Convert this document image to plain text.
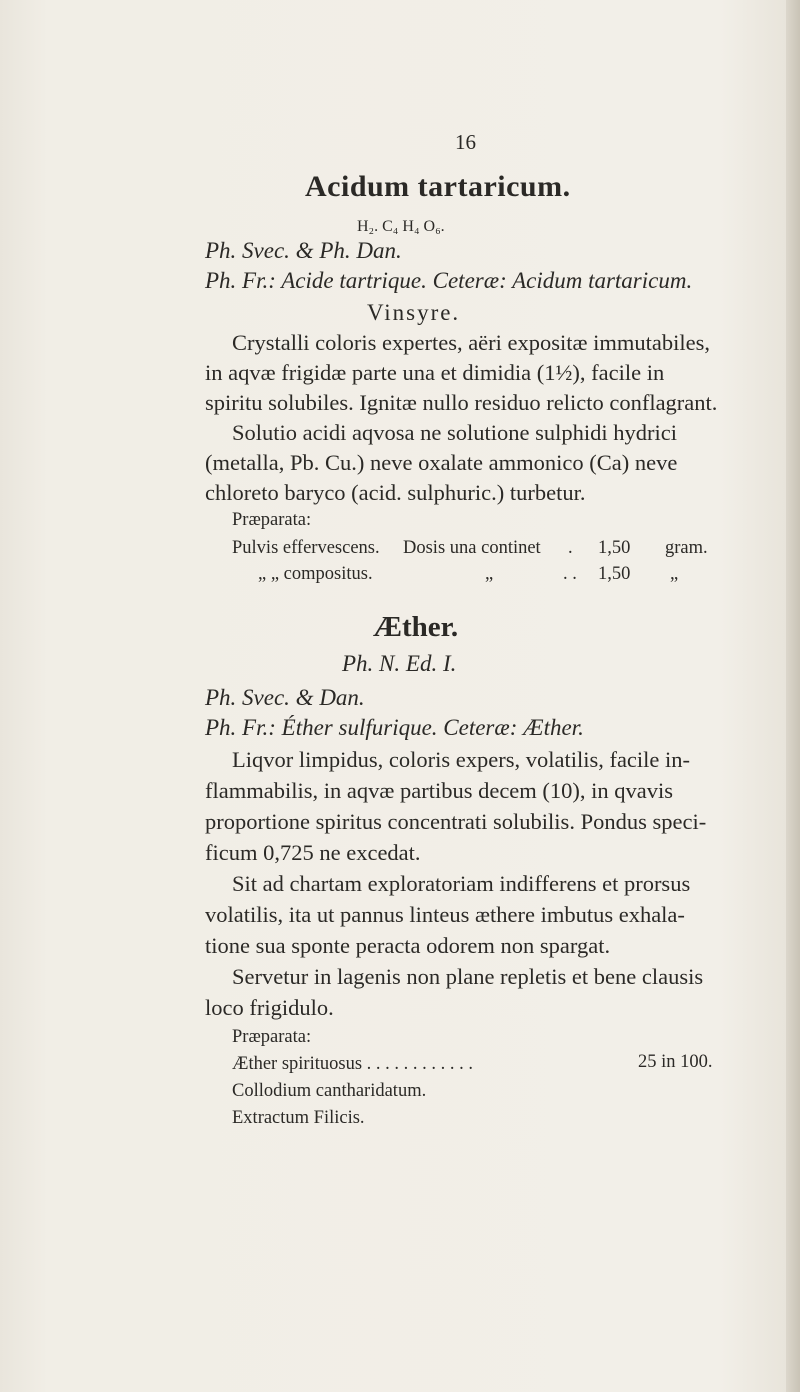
16
Acidum tartaricum.
H₂. C₄ H₄ O₆.
Ph. Svec. & Ph. Dan.
Ph. Fr.: Acide tartrique. Ceteræ: Acidum tartaricum.
Vinsyre.
Crystalli coloris expertes, aëri expositæ immutabiles,
in aqvæ frigidæ parte una et dimidia (1½), facile in
spiritu solubiles. Ignitæ nullo residuo relicto conflagrant.
Solutio acidi aqvosa ne solutione sulphidi hydrici
(metalla, Pb. Cu.) neve oxalate ammonico (Ca) neve
chloreto baryco (acid. sulphuric.) turbetur.
Præparata:
Pulvis effervescens. Dosis una continet . 1,50 gram.
„ „ compositus.	„	. . 1,50 „
Æther.
Ph. N. Ed. I.
Ph. Svec. & Dan.
Ph. Fr.: Éther sulfurique. Ceteræ: Æther.
Liqvor limpidus, coloris expers, volatilis, facile in-
flammabilis, in aqvæ partibus decem (10), in qvavis
proportione spiritus concentrati solubilis. Pondus speci-
ficum 0,725 ne excedat.
Sit ad chartam exploratoriam indifferens et prorsus
volatilis, ita ut pannus linteus æthere imbutus exhala-
tione sua sponte peracta odorem non spargat.
Servetur in lagenis non plane repletis et bene clausis
loco frigidulo.
Præparata:
Æther spirituosus . . . . . . . . . . . .	25 in 100.
Collodium cantharidatum.
Extractum Filicis.
